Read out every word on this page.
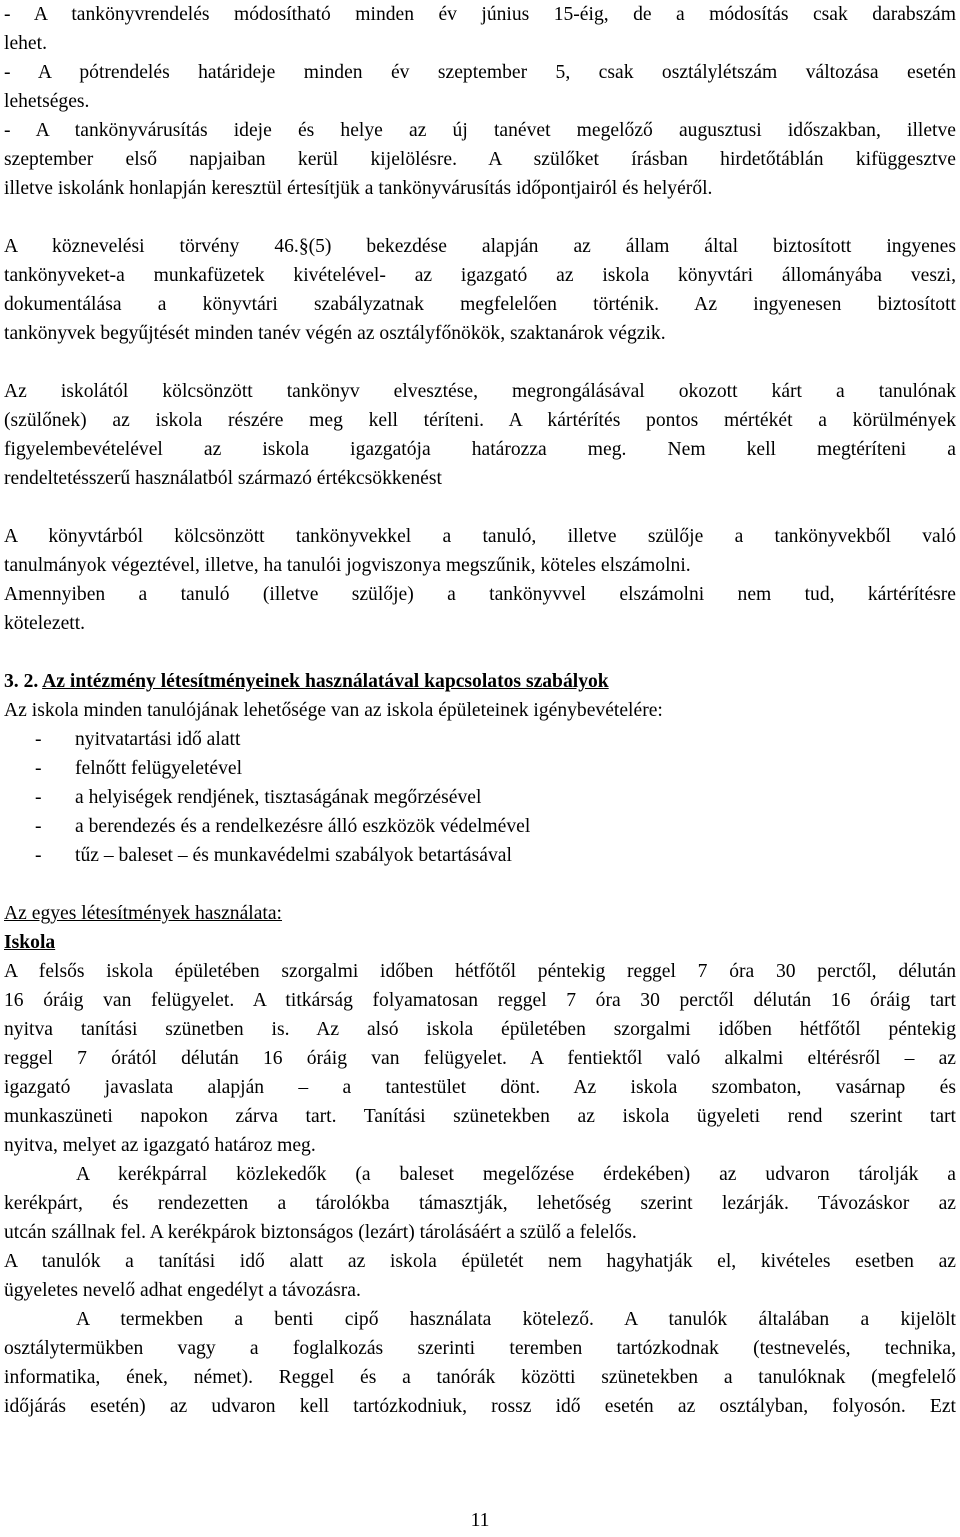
- A tankönyvrendelés módosítható minden év június 15-éig, de a módosítás csak darabszám
lehet.
- A pótrendelés határideje minden év szeptember 5, csak osztálylétszám változása esetén
lehetséges.
- A tankönyvárusítás ideje és helye az új tanévet megelőző augusztusi időszakban, illetve
szeptember első napjaiban kerül kijelölésre. A szülőket írásban hirdetőtáblán kifüggesztve
illetve iskolánk honlapján keresztül értesítjük a tankönyvárusítás időpontjairól és helyéről.
A köznevelési törvény 46.§(5) bekezdése alapján az állam által biztosított ingyenes
tankönyveket-a munkafüzetek kivételével- az igazgató az iskola könyvtári állományába veszi,
dokumentálása a könyvtári szabályzatnak megfelelően történik. Az ingyenesen biztosított
tankönyvek begyűjtését minden tanév végén az osztályfőnökök, szaktanárok végzik.
Az iskolától kölcsönzött tankönyv elvesztése, megrongálásával okozott kárt a tanulónak
(szülőnek) az iskola részére meg kell téríteni. A kártérítés pontos mértékét a körülmények
figyelembevételével az iskola igazgatója határozza meg. Nem kell megtéríteni a
rendeltetésszerű használatból származó értékcsökkenést
A könyvtárból kölcsönzött tankönyvekkel a tanuló, illetve szülője a tankönyvekből való
tanulmányok végeztével, illetve, ha tanulói jogviszonya megszűnik, köteles elszámolni.
Amennyiben a tanuló (illetve szülője) a tankönyvvel elszámolni nem tud, kártérítésre
kötelezett.
3. 2. Az intézmény létesítményeinek használatával kapcsolatos szabályok
Az iskola minden tanulójának lehetősége van az iskola épületeinek igénybevételére:
-	nyitvatartási idő alatt
-	felnőtt felügyeletével
-	a helyiségek rendjének, tisztaságának megőrzésével
-	a berendezés és a rendelkezésre álló eszközök védelmével
-	tűz – baleset – és munkavédelmi szabályok betartásával
Az egyes létesítmények használata:
Iskola
A felsős iskola épületében szorgalmi időben hétfőtől péntekig reggel 7 óra 30 perctől, délután
16 óráig van felügyelet. A titkárság folyamatosan reggel 7 óra 30 perctől délután 16 óráig tart
nyitva tanítási szünetben is. Az alsó iskola épületében szorgalmi időben hétfőtől péntekig
reggel 7 órától délután 16 óráig van felügyelet. A fentiektől való alkalmi eltérésről – az
igazgató javaslata alapján – a tantestület dönt. Az iskola szombaton, vasárnap és
munkaszüneti napokon zárva tart. Tanítási szünetekben az iskola ügyeleti rend szerint tart
nyitva, melyet az igazgató határoz meg.
A kerékpárral közlekedők (a baleset megelőzése érdekében) az udvaron tárolják a
kerékpárt, és rendezetten a tárolókba támasztják, lehetőség szerint lezárják. Távozáskor az
utcán szállnak fel. A kerékpárok biztonságos (lezárt) tárolásáért a szülő a felelős.
A tanulók a tanítási idő alatt az iskola épületét nem hagyhatják el, kivételes esetben az
ügyeletes nevelő adhat engedélyt a távozásra.
A termekben a benti cipő használata kötelező. A tanulók általában a kijelölt
osztálytermükben vagy a foglalkozás szerinti teremben tartózkodnak (testnevelés, technika,
informatika, ének, német). Reggel és a tanórák közötti szünetekben a tanulóknak (megfelelő
időjárás esetén) az udvaron kell tartózkodniuk, rossz idő esetén az osztályban, folyosón. Ezt
11
